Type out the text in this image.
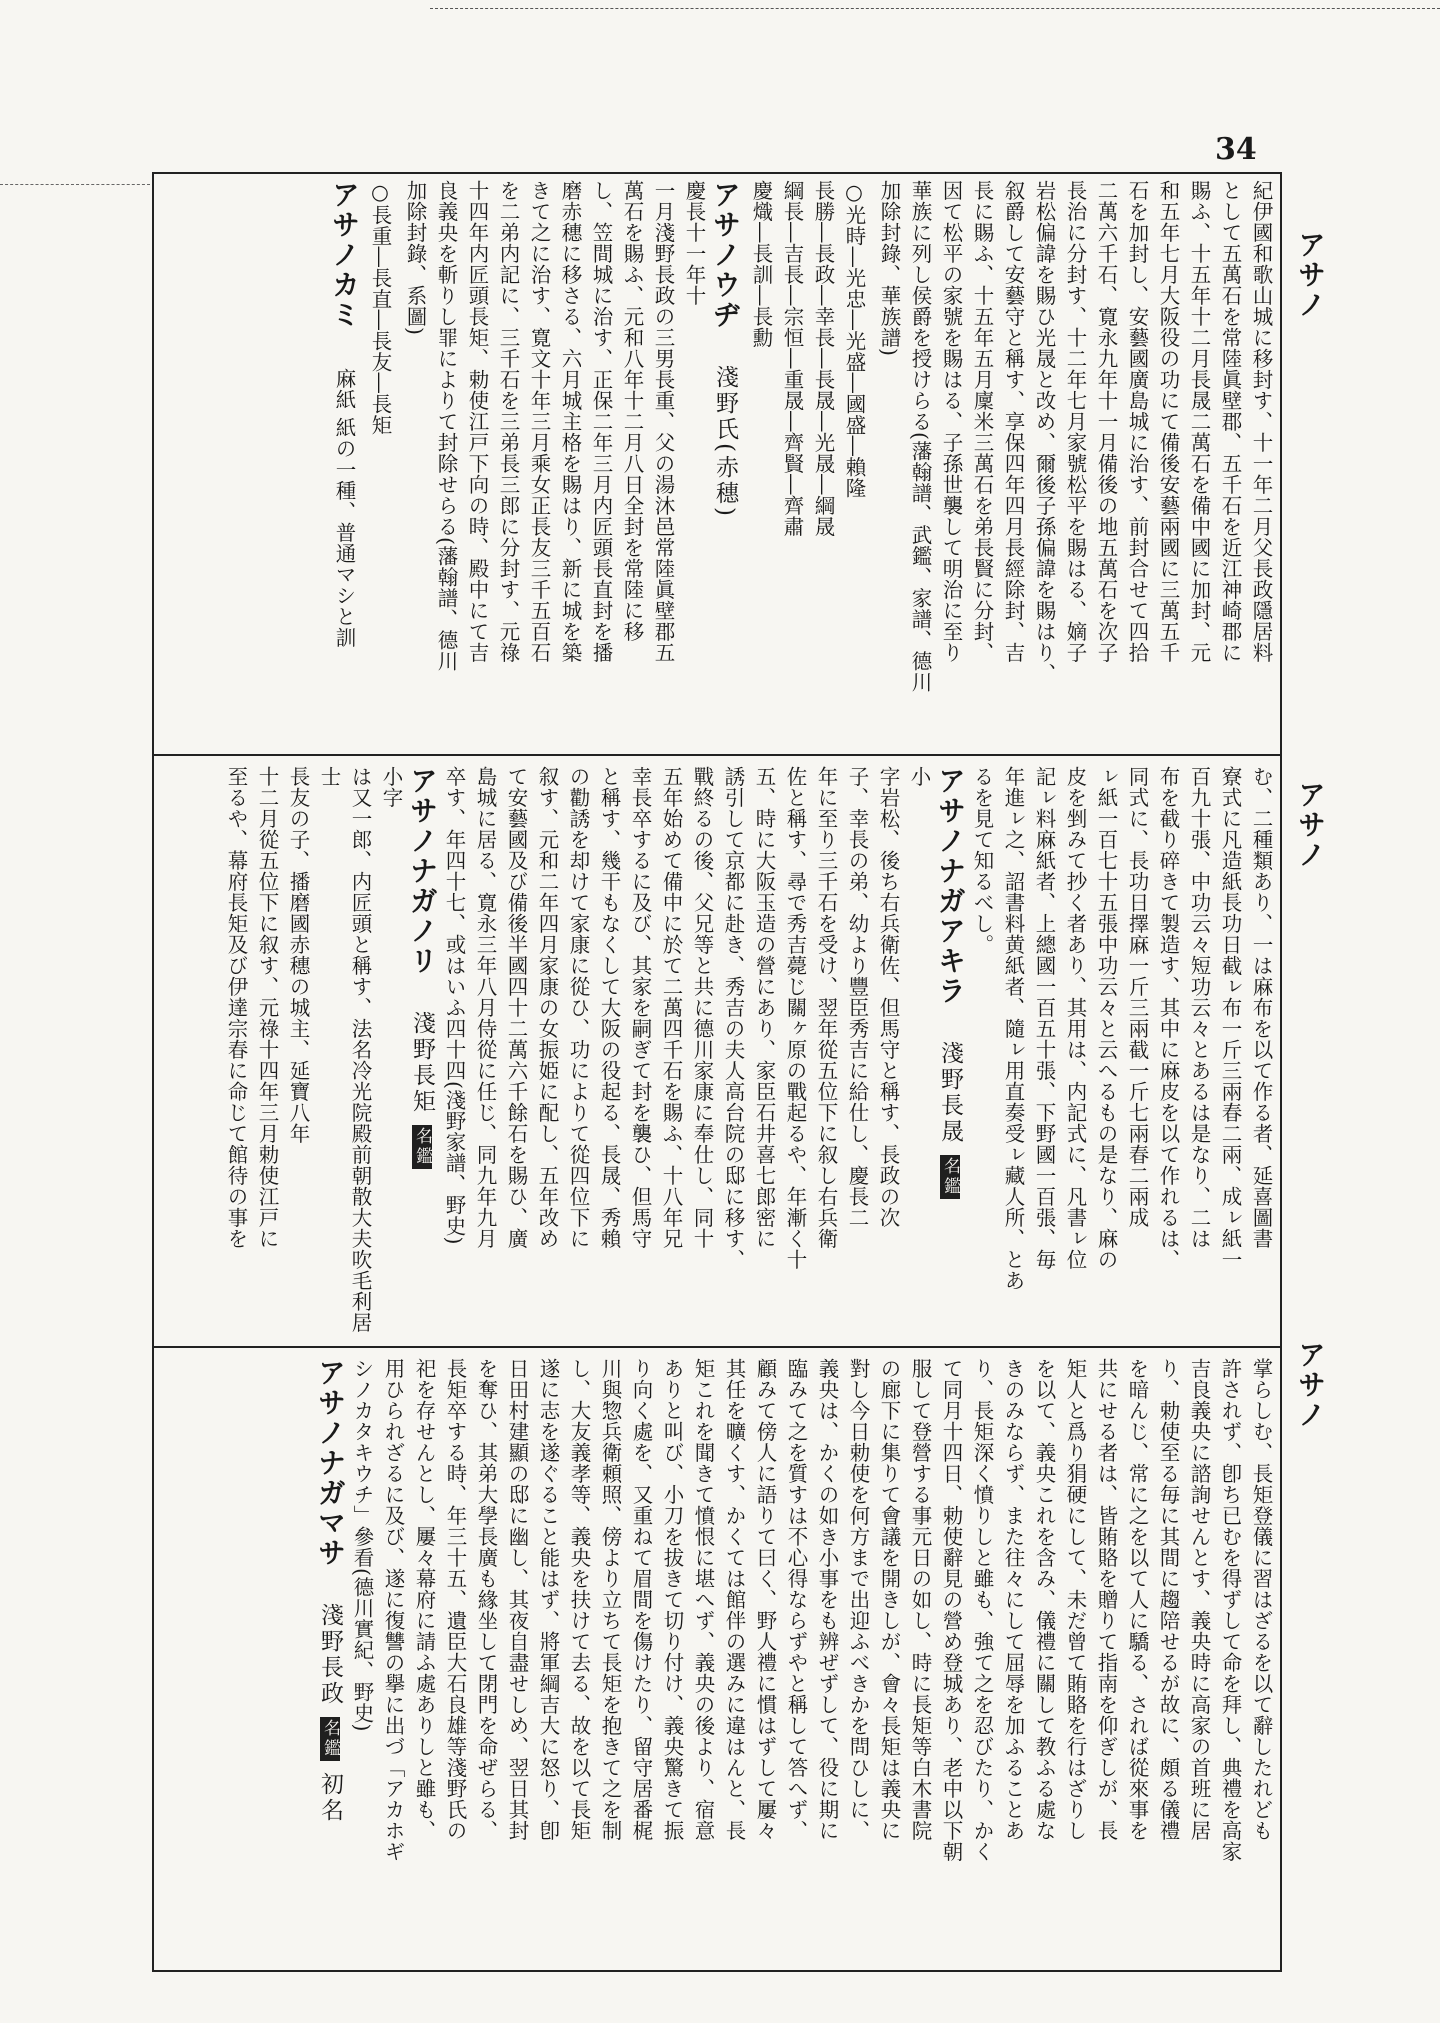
34

紀伊國和歌山城に移封す、十一年二月父長政隱居料

として五萬石を常陸眞壁郡、五千石を近江神崎郡に

賜ふ、十五年十二月長晟二萬石を備中國に加封、元

和五年七月大阪役の功にて備後安藝兩國に三萬五千

石を加封し、安藝國廣島城に治す、前封合せて四拾

二萬六千石、寛永九年十一月備後の地五萬石を次子

長治に分封す、十二年七月家號松平を賜はる、嫡子

岩松偏諱を賜ひ光晟と改め、爾後子孫偏諱を賜はり、

叙爵して安藝守と稱す、享保四年四月長經除封、吉

長に賜ふ、十五年五月廩米三萬石を弟長賢に分封、

因て松平の家號を賜はる、子孫世襲して明治に至り

華族に列し侯爵を授けらる(藩翰譜、武鑑、家譜、德川

加除封錄、華族譜)

○光時―光忠―光盛―國盛―賴隆

長勝―長政―幸長―長晟―光晟―綱晟

綱長―吉長―宗恒―重晟―齊賢―齊肅

慶熾―長訓―長勳

アサノウヂ 淺野氏(赤穗)

慶長十一年十

一月淺野長政の三男長重、父の湯沐邑常陸眞壁郡五

萬石を賜ふ、元和八年十二月八日全封を常陸に移

し、笠間城に治す、正保二年三月内匠頭長直封を播

磨赤穗に移さる、六月城主格を賜はり、新に城を築

きて之に治す、寛文十年三月乘女正長友三千五百石

を二弟内記に、三千石を三弟長三郎に分封す、元祿

十四年内匠頭長矩、勅使江戸下向の時、殿中にて吉

良義央を斬りし罪によりて封除せらる(藩翰譜、德川

加除封錄、系圖)

○長重―長直―長友―長矩
アサノカミ 麻紙 紙の一種、普通マシと訓

む、二種類あり、一は麻布を以て作る者、延喜圖書

寮式に凡造紙長功日截ㇾ布一斤三兩春二兩、成ㇾ紙一

百九十張、中功云々短功云々とあるは是なり、二は

布を截り碎きて製造す、其中に麻皮を以て作れるは、

同式に、長功日擇麻一斤三兩截一斤七兩春二兩成

ㇾ紙一百七十五張中功云々と云へるもの是なり、麻の

皮を剉みて抄く者あり、其用は、内記式に、凡書ㇾ位

記ㇾ料麻紙者、上總國一百五十張、下野國一百張、毎

年進ㇾ之、詔書料黄紙者、隨ㇾ用直奏受ㇾ藏人所、とあ

るを見て知るべし。

アサノナガアキラ 淺野長晟 名鑑

小

字岩松、後ち右兵衛佐、但馬守と稱す、長政の次

子、幸長の弟、幼より豐臣秀吉に給仕し、慶長二

年に至り三千石を受け、翌年從五位下に叙し右兵衛

佐と稱す、尋で秀吉薨じ關ヶ原の戰起るや、年漸く十

五、時に大阪玉造の營にあり、家臣石井喜七郎密に

誘引して京都に赴き、秀吉の夫人高台院の邸に移す、

戰終るの後、父兄等と共に德川家康に奉仕し、同十

五年始めて備中に於て二萬四千石を賜ふ、十八年兄

幸長卒するに及び、其家を嗣ぎて封を襲ひ、但馬守

と稱す、幾干もなくして大阪の役起る、長晟、秀賴

の勸誘を却けて家康に從ひ、功によりて從四位下に

叙す、元和二年四月家康の女振姫に配し、五年改め

て安藝國及び備後半國四十二萬六千餘石を賜ひ、廣

島城に居る、寛永三年八月侍從に任じ、同九年九月

卒す、年四十七、或はいふ四十四(淺野家譜、野史)

アサノナガノリ 淺野長矩 名鑑

小字

は又一郎、内匠頭と稱す、法名冷光院殿前朝散大夫吹毛利居士

長友の子、播磨國赤穗の城主、延寶八年

十二月從五位下に叙す、元祿十四年三月勅使江戸に

至るや、幕府長矩及び伊達宗春に命じて館待の事を

掌らしむ、長矩登儀に習はざるを以て辭したれども

許されず、卽ち已むを得ずして命を拜し、典禮を高家

吉良義央に諮詢せんとす、義央時に高家の首班に居

り、勅使至る毎に其間に趨陪せるが故に、頗る儀禮

を暗んじ、常に之を以て人に驕る、されば從來事を

共にせる者は、皆賄賂を贈りて指南を仰ぎしが、長

矩人と爲り狷硬にして、未だ曾て賄賂を行はざりし

を以て、義央これを含み、儀禮に關して教ふる處な

きのみならず、また往々にして屈辱を加ふることあ

り、長矩深く憤りしと雖も、強て之を忍びたり、かく

て同月十四日、勅使辭見の營め登城あり、老中以下朝

服して登營する事元日の如し、時に長矩等白木書院

の廊下に集りて會議を開きしが、會々長矩は義央に

對し今日勅使を何方まで出迎ふべきかを問ひしに、

義央は、かくの如き小事をも辨ぜずして、役に期に

臨みて之を質すは不心得ならずやと稱して答へず、

顧みて傍人に語りて曰く、野人禮に慣はずして屢々

其任を曠くす、かくては館伴の選みに違はんと、長

矩これを聞きて憤恨に堪へず、義央の後より、宿意

ありと叫び、小刀を拔きて切り付け、義央驚きて振

り向く處を、又重ねて眉間を傷けたり、留守居番梶

川與惣兵衛頼照、傍より立ちて長矩を抱きて之を制

し、大友義孝等、義央を扶けて去る、故を以て長矩

遂に志を遂ぐること能はず、將軍綱吉大に怒り、卽

日田村建顯の邸に幽し、其夜自盡せしめ、翌日其封

を奪ひ、其弟大學長廣も緣坐して閉門を命ぜらる、

長矩卒する時、年三十五、遺臣大石良雄等淺野氏の

祀を存せんとし、屢々幕府に請ふ處ありしと雖も、

用ひられざるに及び、遂に復讐の擧に出づ「アカホギ

シノカタキウチ」參看(德川實紀、野史)

アサノナガマサ 淺野長政 名鑑 初名
アサノ
アサノ
アサノ
